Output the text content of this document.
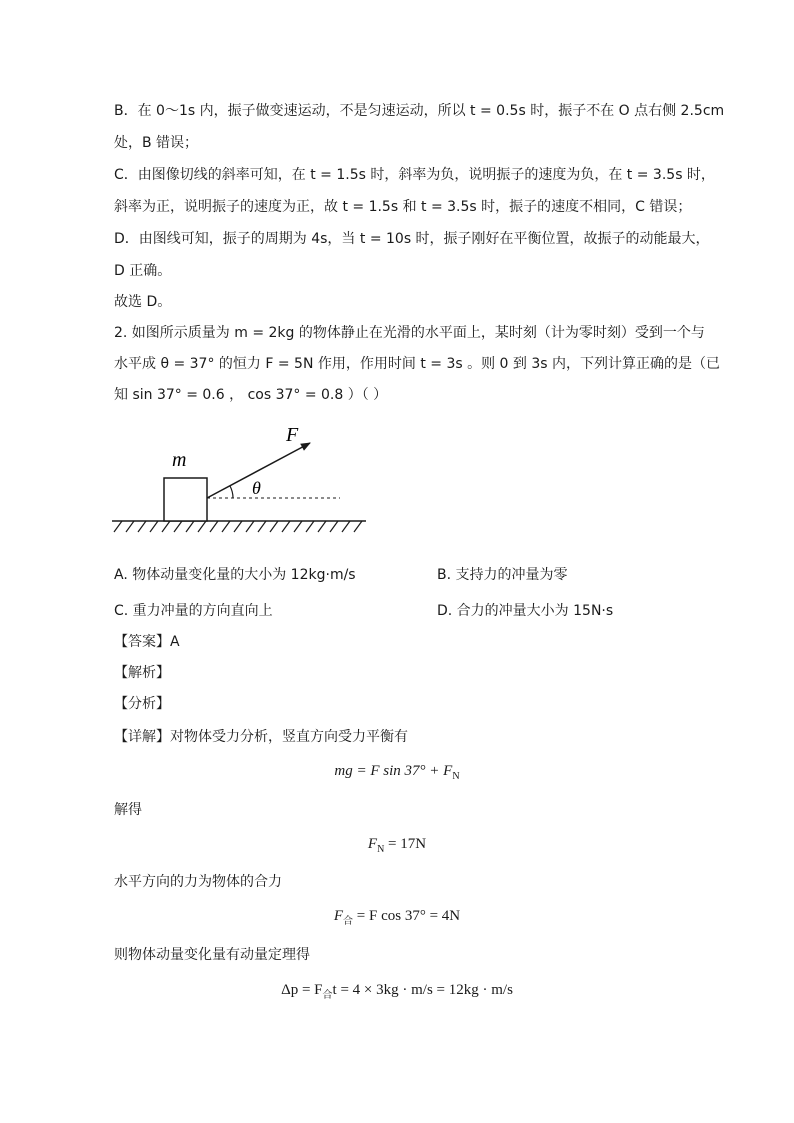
B．在 0～1s 内，振子做变速运动，不是匀速运动，所以 t = 0.5s 时，振子不在 O 点右侧 2.5cm
处，B 错误；
C．由图像切线的斜率可知，在 t = 1.5s 时，斜率为负，说明振子的速度为负，在 t = 3.5s 时，
斜率为正，说明振子的速度为正，故 t = 1.5s 和 t = 3.5s 时，振子的速度不相同，C 错误；
D．由图线可知，振子的周期为 4s，当 t = 10s 时，振子刚好在平衡位置，故振子的动能最大，
D 正确。
故选 D。
2. 如图所示质量为 m = 2kg 的物体静止在光滑的水平面上，某时刻（计为零时刻）受到一个与
水平成 θ = 37° 的恒力 F = 5N 作用，作用时间 t = 3s 。则 0 到 3s 内，下列计算正确的是（已
知 sin 37° = 0.6 ， cos 37° = 0.8 ）（ ）
m
F
θ
A. 物体动量变化量的大小为 12kg·m/s	B. 支持力的冲量为零
C. 重力冲量的方向直向上	D. 合力的冲量大小为 15N·s
【答案】A
【解析】
【分析】
【详解】对物体受力分析，竖直方向受力平衡有
mg = F $\sin 37^\circ + F_N$
解得
$F_N = 17N$
水平方向的力为物体的合力
$F_合 = F$ cos 37° = 4N
则物体动量变化量有动量定理得
$\Delta p = F_合t = 4 \times 3kg \cdot m/s = 12kg \cdot m/s$
